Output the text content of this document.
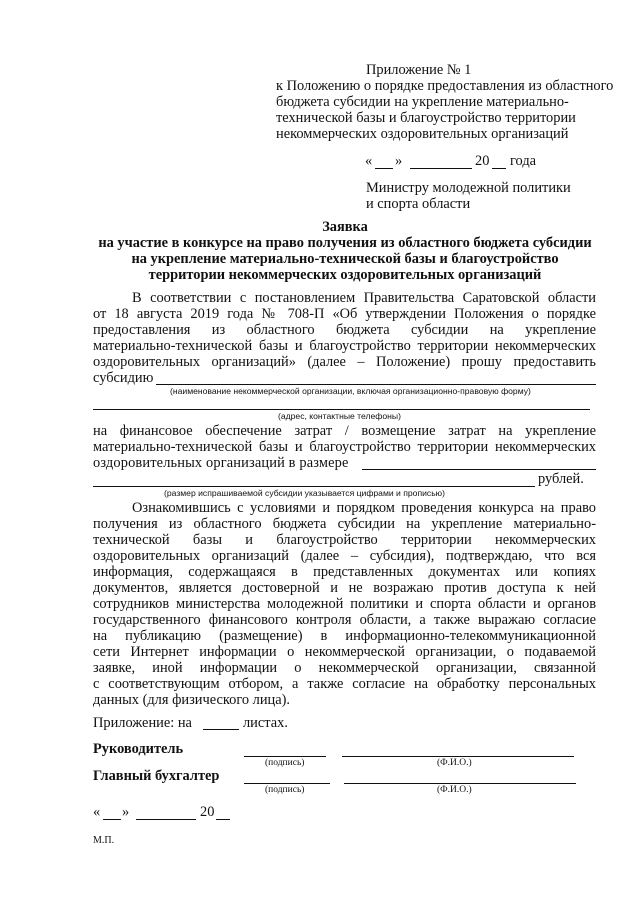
Приложение № 1
к Положению о порядке предоставления из областного
бюджета субсидии на укрепление материально-
технической базы и благоустройство территории
некоммерческих оздоровительных организаций
« »	20 года
Министру молодежной политики
и спорта области
Заявка
на участие в конкурсе на право получения из областного бюджета субсидии
на укрепление материально-технической базы и благоустройство
территории некоммерческих оздоровительных организаций
В соответствии с постановлением Правительства Саратовской области
от 18 августа 2019 года № 708-П «Об утверждении Положения о порядке
предоставления из областного бюджета субсидии на укрепление
материально-технической базы и благоустройство территории некоммерческих
оздоровительных организаций» (далее – Положение) прошу предоставить
субсидию
(наименование некоммерческой организации, включая организационно-правовую форму)
(адрес, контактные телефоны)
на финансовое обеспечение затрат / возмещение затрат на укрепление
материально-технической базы и благоустройство территории некоммерческих
оздоровительных организаций в размере
рублей.
(размер испрашиваемой субсидии указывается цифрами и прописью)
Ознакомившись с условиями и порядком проведения конкурса на право
получения из областного бюджета субсидии на укрепление материально-
технической базы и благоустройство территории некоммерческих
оздоровительных организаций (далее – субсидия), подтверждаю, что вся
информация, содержащаяся в представленных документах или копиях
документов, является достоверной и не возражаю против доступа к ней
сотрудников министерства молодежной политики и спорта области и органов
государственного финансового контроля области, а также выражаю согласие
на публикацию (размещение) в информационно-телекоммуникационной
сети Интернет информации о некоммерческой организации, о подаваемой
заявке, иной информации о некоммерческой организации, связанной
с соответствующим отбором, а также согласие на обработку персональных
данных (для физического лица).
Приложение: на	листах.
Руководитель
(подпись)	(Ф.И.О.)
Главный бухгалтер
(подпись)	(Ф.И.О.)
« »	20
М.П.
